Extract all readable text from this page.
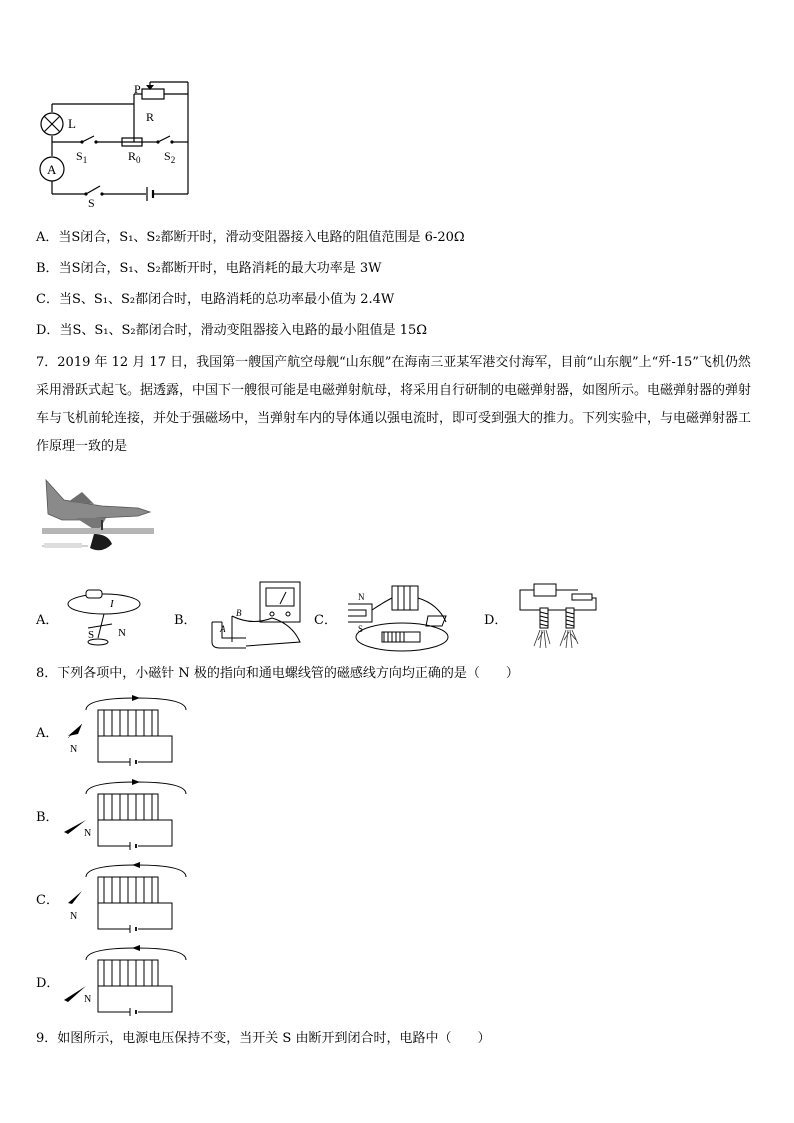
A
L
P
R
$S_1$	$R_0$ $S_2$
S
A．当S闭合，S₁、S₂都断开时，滑动变阻器接入电路的阻值范围是 6-20Ω
B．当S闭合，S₁、S₂都断开时，电路消耗的最大功率是 3W
C．当S、S₁、S₂都闭合时，电路消耗的总功率最小值为 2.4W
D．当S、S₁、S₂都闭合时，滑动变阻器接入电路的最小阻值是 15Ω
7．2019 年 12 月 17 日，我国第一艘国产航空母舰“山东舰”在海南三亚某军港交付海军，目前“山东舰”上“歼-15”飞机仍然采用滑跃式起飞。据透露，中国下一艘很可能是电磁弹射航母，将采用自行研制的电磁弹射器，如图所示。电磁弹射器的弹射车与飞机前轮连接，并处于强磁场中，当弹射车内的导体通以强电流时，即可受到强大的推力。下列实验中，与电磁弹射器工作原理一致的是
A．
I
S N
B．
A
B	C．
N
S
D．
8．下列各项中，小磁针 N 极的指向和通电螺线管的磁感线方向均正确的是（　　）
A．
N
B．
N
C．
N
D．
N
9．如图所示，电源电压保持不变，当开关 S 由断开到闭合时，电路中（　　）
